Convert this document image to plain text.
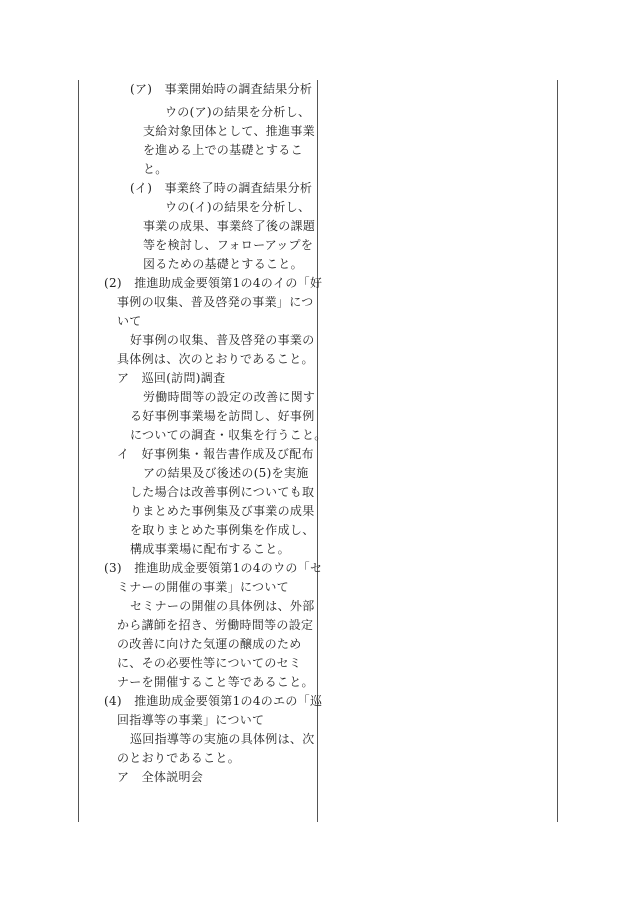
(ア)　事業開始時の調査結果分析
ウの(ア)の結果を分析し、
支給対象団体として、推進事業
を進める上での基礎とするこ
と。
(イ)　事業終了時の調査結果分析
ウの(イ)の結果を分析し、
事業の成果、事業終了後の課題
等を検討し、フォローアップを
図るための基礎とすること。
(2)　推進助成金要領第1の4のイの「好
事例の収集、普及啓発の事業」につ
いて
好事例の収集、普及啓発の事業の
具体例は、次のとおりであること。
ア　巡回(訪問)調査
労働時間等の設定の改善に関す
る好事例事業場を訪問し、好事例
についての調査・収集を行うこと。
イ　好事例集・報告書作成及び配布
アの結果及び後述の(5)を実施
した場合は改善事例についても取
りまとめた事例集及び事業の成果
を取りまとめた事例集を作成し、
構成事業場に配布すること。
(3)　推進助成金要領第1の4のウの「セ
ミナーの開催の事業」について
セミナーの開催の具体例は、外部
から講師を招き、労働時間等の設定
の改善に向けた気運の醸成のため
に、その必要性等についてのセミ
ナーを開催すること等であること。
(4)　推進助成金要領第1の4のエの「巡
回指導等の事業」について
巡回指導等の実施の具体例は、次
のとおりであること。
ア　全体説明会
